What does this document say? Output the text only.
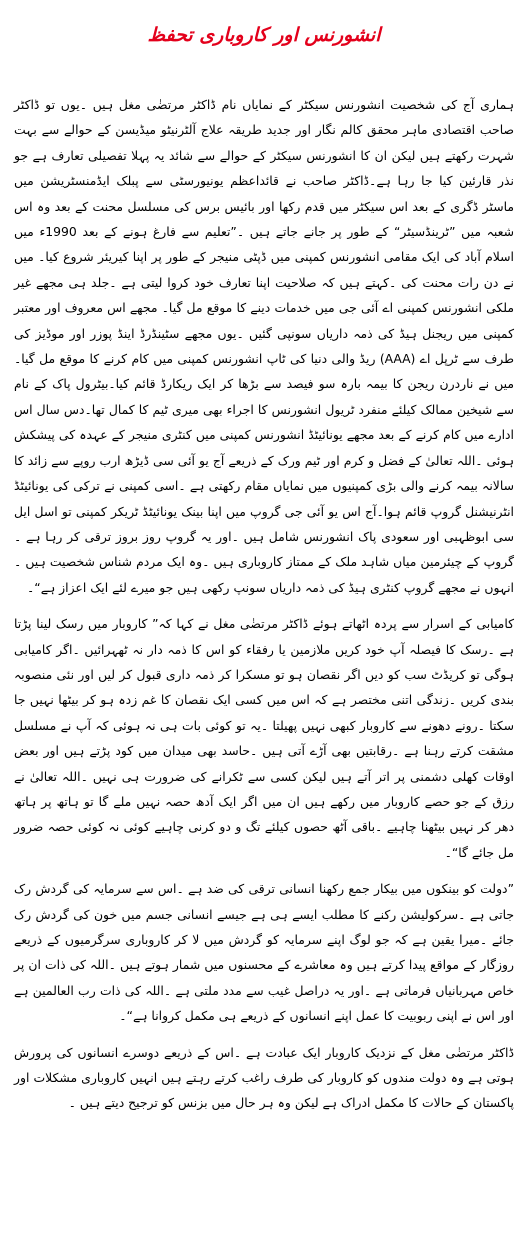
انشورنس اور کاروباری تحفظ

ہماری آج کی شخصیت انشورنس سیکٹر کے نمایاں نام ڈاکٹر مرتضٰی مغل ہیں ۔یوں تو ڈاکٹر صاحب اقتصادی ماہر محقق کالم نگار اور جدید طریقہ علاج آلٹرنیٹو میڈیسن کے حوالے سے بہت شہرت رکھتے ہیں لیکن ان کا انشورنس سیکٹر کے حوالے سے شائد یہ پہلا تفصیلی تعارف ہے جو نذر قارئین کیا جا رہا ہے۔ڈاکٹر صاحب نے قائداعظم یونیورسٹی سے پبلک ایڈمنسٹریشن میں ماسٹر ڈگری کے بعد اس سیکٹر میں قدم رکھا اور بائیس برس کی مسلسل محنت کے بعد وہ اس شعبہ میں ”ٹرینڈسیٹر“ کے طور پر جانے جاتے ہیں ۔”تعلیم سے فارغ ہونے کے بعد 1990ء میں اسلام آباد کی ایک مقامی انشورنس کمپنی میں ڈپٹی منیجر کے طور پر اپنا کیریئر شروع کیا۔ میں نے دن رات محنت کی ۔کہتے ہیں کہ صلاحیت اپنا تعارف خود کروا لیتی ہے ۔جلد ہی مجھے غیر ملکی انشورنس کمپنی اے آئی جی میں خدمات دینے کا موقع مل گیا۔ مجھے اس معروف اور معتبر کمپنی میں ریجنل ہیڈ کی ذمہ داریاں سونپی گئیں ۔یوں مجھے سٹینڈرڈ اینڈ پوزر اور موڈیز کی طرف سے ٹرپل اے (AAA) ریڈ والی دنیا کی ٹاپ انشورنس کمپنی میں کام کرنے کا موقع مل گیا۔ میں نے ناردرن ریجن کا بیمہ بارہ سو فیصد سے بڑھا کر ایک ریکارڈ قائم کیا۔بیٹرول پاک کے نام سے شیخین ممالک کیلئے منفرد ٹریول انشورنس کا اجراء بھی میری ٹیم کا کمال تھا۔دس سال اس ادارے میں کام کرنے کے بعد مجھے یونائیٹڈ انشورنس کمپنی میں کنٹری منیجر کے عہدہ کی پیشکش ہوئی ۔اللہ تعالیٰ کے فضل و کرم اور ٹیم ورک کے ذریعے آج یو آئی سی ڈیڑھ ارب روپے سے زائد کا سالانہ بیمہ کرنے والی بڑی کمپنیوں میں نمایاں مقام رکھتی ہے ۔اسی کمپنی نے ترکی کی یونائیٹڈ انٹرنیشنل گروپ قائم ہوا۔آج اس یو آئی جی گروپ میں اپنا بینک یونائیٹڈ ٹریکر کمپنی تو اسل ایل سی ابوظہبی اور سعودی پاک انشورنس شامل ہیں ۔اور یہ گروپ روز بروز ترقی کر رہا ہے ۔گروپ کے چیئرمین میاں شاہد ملک کے ممتاز کاروباری ہیں ۔وہ ایک مردم شناس شخصیت ہیں ۔انہوں نے مجھے گروپ کنٹری ہیڈ کی ذمہ داریاں سونپ رکھی ہیں جو میرے لئے ایک اعزاز ہے“۔

کامیابی کے اسرار سے پردہ اٹھاتے ہوئے ڈاکٹر مرتضٰی مغل نے کہا کہ” کاروبار میں رسک لینا پڑتا ہے ۔رسک کا فیصلہ آپ خود کریں ملازمین یا رفقاء کو اس کا ذمہ دار نہ ٹھہرائیں ۔اگر کامیابی ہوگی تو کریڈٹ سب کو دیں اگر نقصان ہو تو مسکرا کر ذمہ داری قبول کر لیں اور نئی منصوبہ بندی کریں ۔زندگی اتنی مختصر ہے کہ اس میں کسی ایک نقصان کا غم زدہ ہو کر بیٹھا نہیں جا سکتا ۔رونے دھونے سے کاروبار کبھی نہیں پھیلتا ۔یہ تو کوئی بات ہی نہ ہوئی کہ آپ نے مسلسل مشقت کرتے رہنا ہے ۔رقابتیں بھی آڑے آتی ہیں ۔حاسد بھی میدان میں کود پڑتے ہیں اور بعض اوقات کھلی دشمنی پر اتر آتے ہیں لیکن کسی سے ٹکرانے کی ضرورت ہی نہیں ۔اللہ تعالیٰ نے رزق کے جو حصے کاروبار میں رکھے ہیں ان میں اگر ایک آدھ حصہ نہیں ملے گا تو ہاتھ پر ہاتھ دھر کر نہیں بیٹھنا چاہیے ۔باقی آٹھ حصوں کیلئے تگ و دو کرنی چاہیے کوئی نہ کوئی حصہ ضرور مل جائے گا“۔

”دولت کو بینکوں میں بیکار جمع رکھنا انسانی ترقی کی ضد ہے ۔اس سے سرمایہ کی گردش رک جاتی ہے ۔سرکولیشن رکنے کا مطلب ایسے ہی ہے جیسے انسانی جسم میں خون کی گردش رک جائے ۔میرا یقین ہے کہ جو لوگ اپنے سرمایہ کو گردش میں لا کر کاروباری سرگرمیوں کے ذریعے روزگار کے مواقع پیدا کرتے ہیں وہ معاشرے کے محسنوں میں شمار ہوتے ہیں ۔اللہ کی ذات ان پر خاص مہربانیاں فرماتی ہے ۔اور یہ دراصل غیب سے مدد ملتی ہے ۔اللہ کی ذات رب العالمین ہے اور اس نے اپنی ربوبیت کا عمل اپنے انسانوں کے ذریعے ہی مکمل کروانا ہے“۔

ڈاکٹر مرتضٰی مغل کے نزدیک کاروبار ایک عبادت ہے ۔اس کے ذریعے دوسرے انسانوں کی پرورش ہوتی ہے وہ دولت مندوں کو کاروبار کی طرف راغب کرتے رہتے ہیں انہیں کاروباری مشکلات اور پاکستان کے حالات کا مکمل ادراک ہے لیکن وہ ہر حال میں بزنس کو ترجیح دیتے ہیں ۔
